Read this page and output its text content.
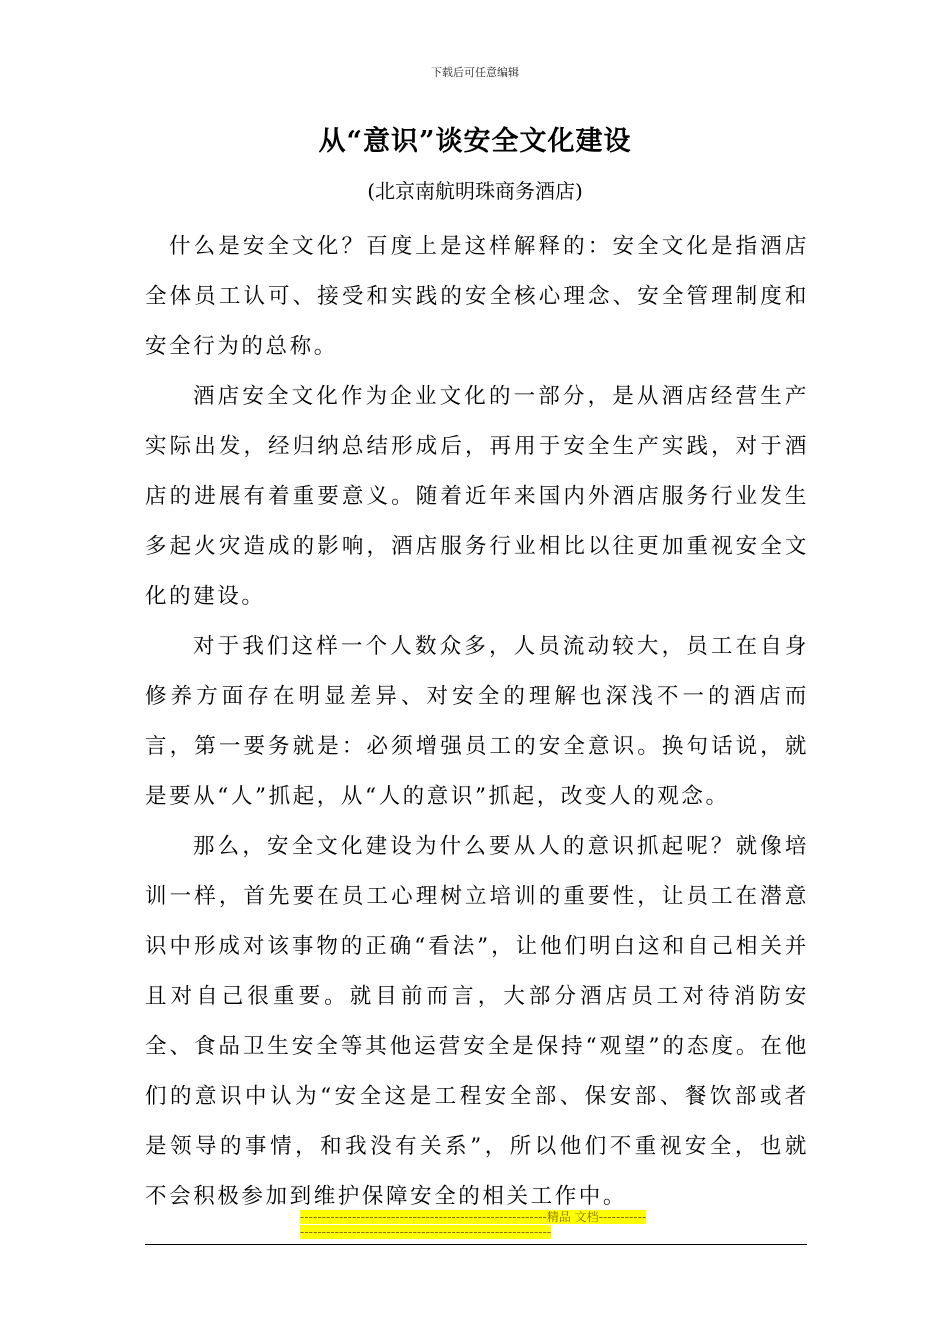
下载后可任意编辑
从“意识”谈安全文化建设
(北京南航明珠商务酒店)

什么是安全文化？百度上是这样解释的：安全文化是指酒店全体员工认可、接受和实践的安全核心理念、安全管理制度和安全行为的总称。

酒店安全文化作为企业文化的一部分，是从酒店经营生产实际出发，经归纳总结形成后，再用于安全生产实践，对于酒店的进展有着重要意义。随着近年来国内外酒店服务行业发生多起火灾造成的影响，酒店服务行业相比以往更加重视安全文化的建设。

对于我们这样一个人数众多，人员流动较大，员工在自身修养方面存在明显差异、对安全的理解也深浅不一的酒店而言，第一要务就是：必须增强员工的安全意识。换句话说，就是要从“人”抓起，从“人的意识”抓起，改变人的观念。

那么，安全文化建设为什么要从人的意识抓起呢？就像培训一样，首先要在员工心理树立培训的重要性，让员工在潜意识中形成对该事物的正确“看法”，让他们明白这和自己相关并且对自己很重要。就目前而言，大部分酒店员工对待消防安全、食品卫生安全等其他运营安全是保持“观望”的态度。在他们的意识中认为“安全这是工程安全部、保安部、餐饮部或者是领导的事情，和我没有关系”，所以他们不重视安全，也就不会积极参加到维护保障安全的相关工作中。

---------------------------------------------------------精品 文档---------------------------------------------------------------------
